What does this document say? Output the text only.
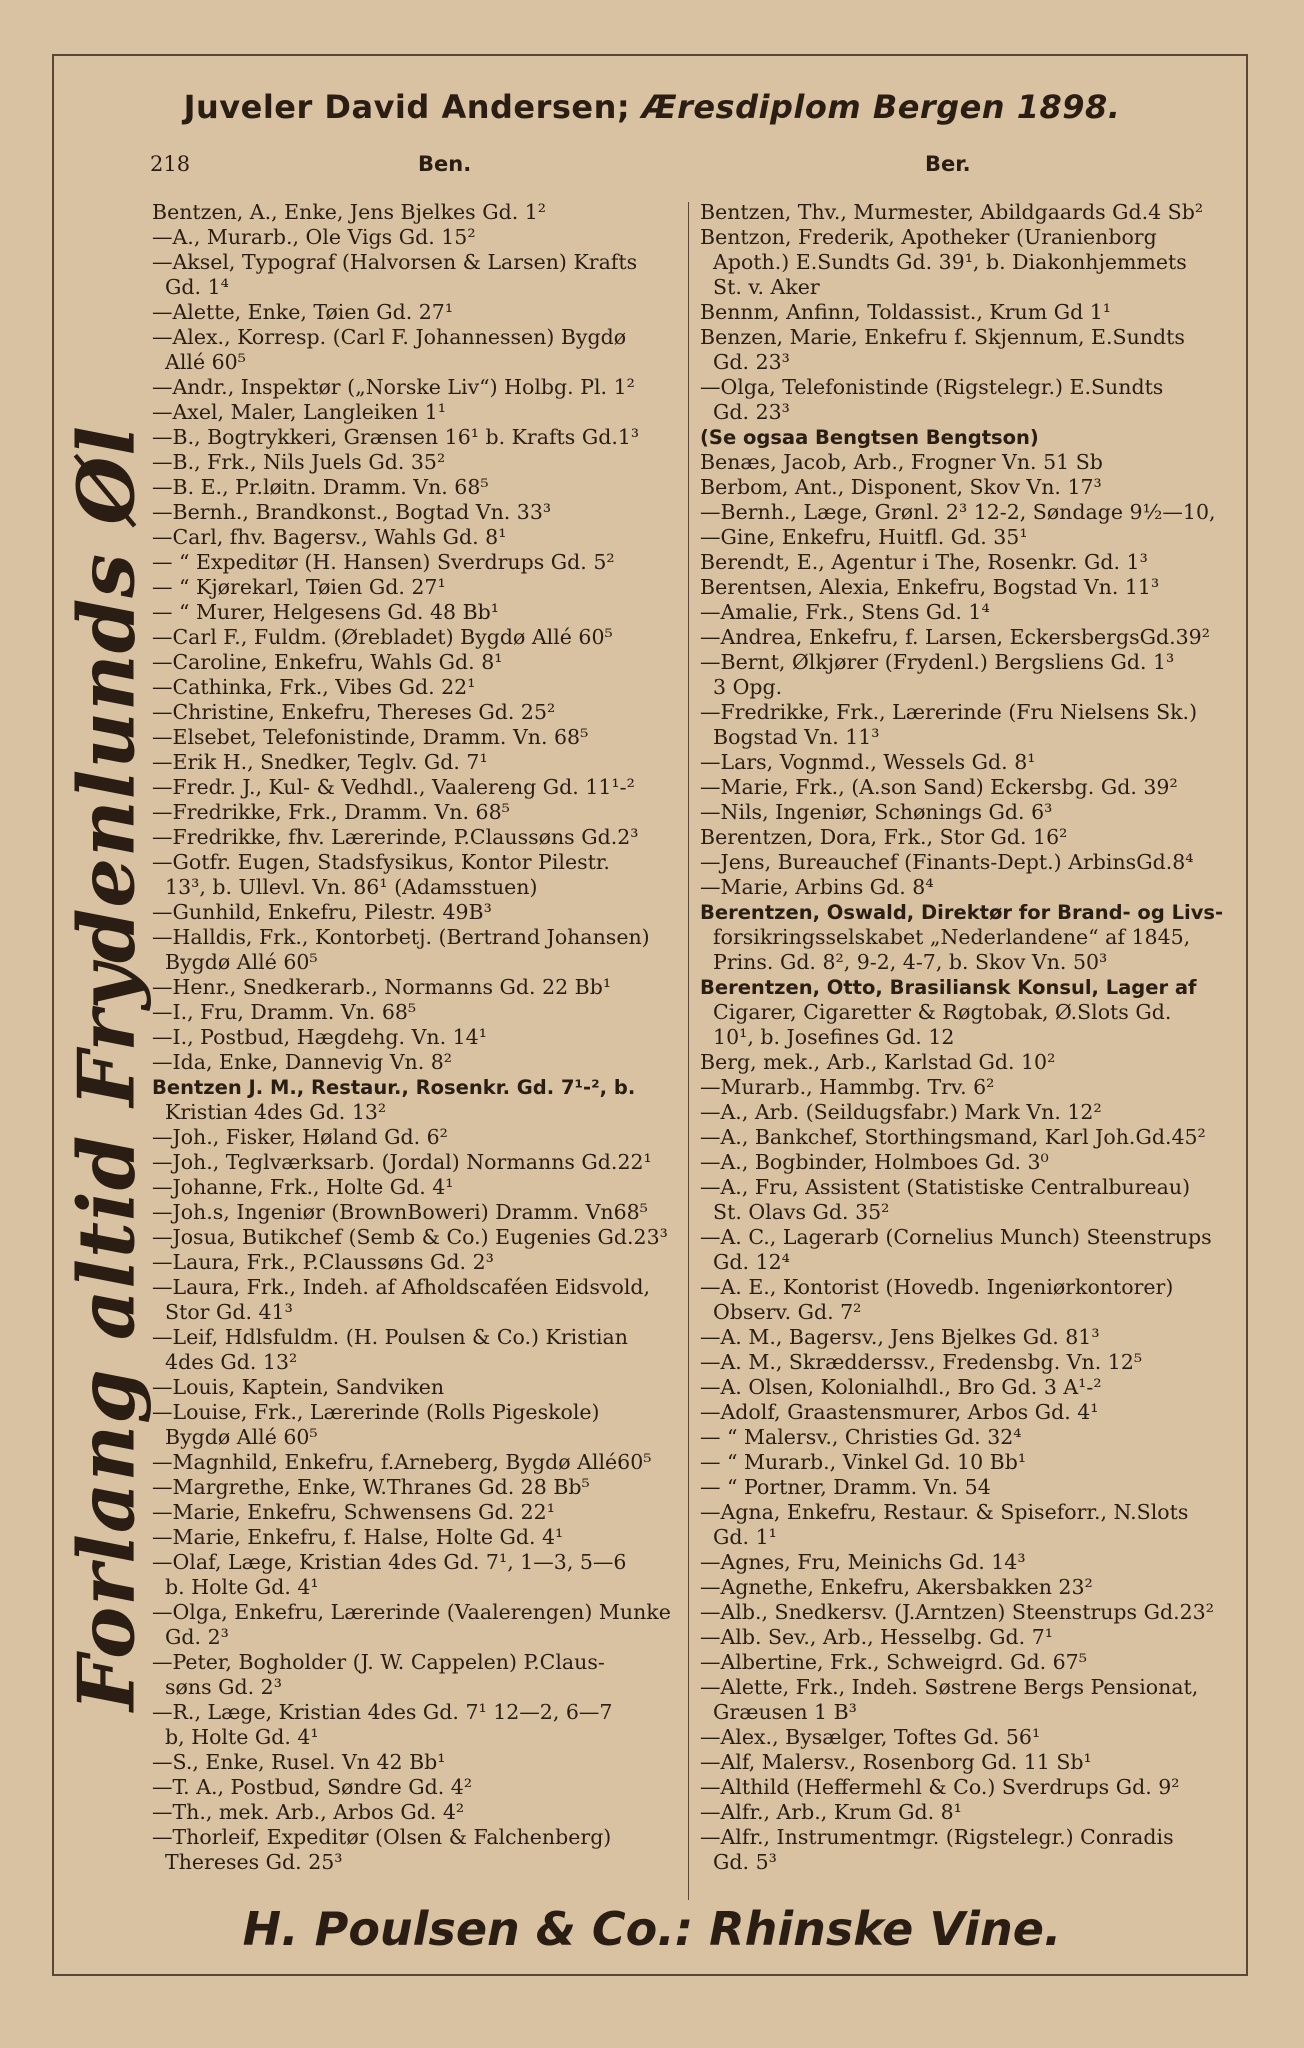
Juveler David Andersen; Æresdiplom Bergen 1898.
218	Ben.	Ber.
Forlang altid Frydenlunds Øl
Bentzen, A., Enke, Jens Bjelkes Gd. 1²
—A., Murarb., Ole Vigs Gd. 15²
—Aksel, Typograf (Halvorsen & Larsen) Krafts
Gd. 1⁴
—Alette, Enke, Tøien Gd. 27¹
—Alex., Korresp. (Carl F. Johannessen) Bygdø
Allé 60⁵
—Andr., Inspektør („Norske Liv“) Holbg. Pl. 1²
—Axel, Maler, Langleiken 1¹
—B., Bogtrykkeri, Grænsen 16¹ b. Krafts Gd.1³
—B., Frk., Nils Juels Gd. 35²
—B. E., Pr.løitn. Dramm. Vn. 68⁵
—Bernh., Brandkonst., Bogtad Vn. 33³
—Carl, fhv. Bagersv., Wahls Gd. 8¹
— “ Expeditør (H. Hansen) Sverdrups Gd. 5²
— “ Kjørekarl, Tøien Gd. 27¹
— “ Murer, Helgesens Gd. 48 Bb¹
—Carl F., Fuldm. (Ørebladet) Bygdø Allé 60⁵
—Caroline, Enkefru, Wahls Gd. 8¹
—Cathinka, Frk., Vibes Gd. 22¹
—Christine, Enkefru, Thereses Gd. 25²
—Elsebet, Telefonistinde, Dramm. Vn. 68⁵
—Erik H., Snedker, Teglv. Gd. 7¹
—Fredr. J., Kul- & Vedhdl., Vaalereng Gd. 11¹-²
—Fredrikke, Frk., Dramm. Vn. 68⁵
—Fredrikke, fhv. Lærerinde, P.Claussøns Gd.2³
—Gotfr. Eugen, Stadsfysikus, Kontor Pilestr.
13³, b. Ullevl. Vn. 86¹ (Adamsstuen)
—Gunhild, Enkefru, Pilestr. 49B³
—Halldis, Frk., Kontorbetj. (Bertrand Johansen)
Bygdø Allé 60⁵
—Henr., Snedkerarb., Normanns Gd. 22 Bb¹
—I., Fru, Dramm. Vn. 68⁵
—I., Postbud, Hægdehg. Vn. 14¹
—Ida, Enke, Dannevig Vn. 8²
Bentzen J. M., Restaur., Rosenkr. Gd. 7¹-², b.
Kristian 4des Gd. 13²
—Joh., Fisker, Høland Gd. 6²
—Joh., Teglværksarb. (Jordal) Normanns Gd.22¹
—Johanne, Frk., Holte Gd. 4¹
—Joh.s, Ingeniør (BrownBoweri) Dramm. Vn68⁵
—Josua, Butikchef (Semb & Co.) Eugenies Gd.23³
—Laura, Frk., P.Claussøns Gd. 2³
—Laura, Frk., Indeh. af Afholdscaféen Eidsvold,
Stor Gd. 41³
—Leif, Hdlsfuldm. (H. Poulsen & Co.) Kristian
4des Gd. 13²
—Louis, Kaptein, Sandviken
—Louise, Frk., Lærerinde (Rolls Pigeskole)
Bygdø Allé 60⁵
—Magnhild, Enkefru, f.Arneberg, Bygdø Allé60⁵
—Margrethe, Enke, W.Thranes Gd. 28 Bb⁵
—Marie, Enkefru, Schwensens Gd. 22¹
—Marie, Enkefru, f. Halse, Holte Gd. 4¹
—Olaf, Læge, Kristian 4des Gd. 7¹, 1—3, 5—6
b. Holte Gd. 4¹
—Olga, Enkefru, Lærerinde (Vaalerengen) Munke
Gd. 2³
—Peter, Bogholder (J. W. Cappelen) P.Claus-
søns Gd. 2³
—R., Læge, Kristian 4des Gd. 7¹ 12—2, 6—7
b, Holte Gd. 4¹
—S., Enke, Rusel. Vn 42 Bb¹
—T. A., Postbud, Søndre Gd. 4²
—Th., mek. Arb., Arbos Gd. 4²
—Thorleif, Expeditør (Olsen & Falchenberg)
Thereses Gd. 25³
Bentzen, Thv., Murmester, Abildgaards Gd.4 Sb²
Bentzon, Frederik, Apotheker (Uranienborg
Apoth.) E.Sundts Gd. 39¹, b. Diakonhjemmets
St. v. Aker
Bennm, Anfinn, Toldassist., Krum Gd 1¹
Benzen, Marie, Enkefru f. Skjennum, E.Sundts
Gd. 23³
—Olga, Telefonistinde (Rigstelegr.) E.Sundts
Gd. 23³
(Se ogsaa Bengtsen Bengtson)
Benæs, Jacob, Arb., Frogner Vn. 51 Sb
Berbom, Ant., Disponent, Skov Vn. 17³
—Bernh., Læge, Grønl. 2³ 12-2, Søndage 9½—10,
—Gine, Enkefru, Huitfl. Gd. 35¹
Berendt, E., Agentur i The, Rosenkr. Gd. 1³
Berentsen, Alexia, Enkefru, Bogstad Vn. 11³
—Amalie, Frk., Stens Gd. 1⁴
—Andrea, Enkefru, f. Larsen, EckersbergsGd.39²
—Bernt, Ølkjører (Frydenl.) Bergsliens Gd. 1³
3 Opg.
—Fredrikke, Frk., Lærerinde (Fru Nielsens Sk.)
Bogstad Vn. 11³
—Lars, Vognmd., Wessels Gd. 8¹
—Marie, Frk., (A.son Sand) Eckersbg. Gd. 39²
—Nils, Ingeniør, Schønings Gd. 6³
Berentzen, Dora, Frk., Stor Gd. 16²
—Jens, Bureauchef (Finants-Dept.) ArbinsGd.8⁴
—Marie, Arbins Gd. 8⁴
Berentzen, Oswald, Direktør for Brand- og Livs-
forsikringsselskabet „Nederlandene“ af 1845,
Prins. Gd. 8², 9-2, 4-7, b. Skov Vn. 50³
Berentzen, Otto, Brasiliansk Konsul, Lager af
Cigarer, Cigaretter & Røgtobak, Ø.Slots Gd.
10¹, b. Josefines Gd. 12
Berg, mek., Arb., Karlstad Gd. 10²
—Murarb., Hammbg. Trv. 6²
—A., Arb. (Seildugsfabr.) Mark Vn. 12²
—A., Bankchef, Storthingsmand, Karl Joh.Gd.45²
—A., Bogbinder, Holmboes Gd. 3⁰
—A., Fru, Assistent (Statistiske Centralbureau)
St. Olavs Gd. 35²
—A. C., Lagerarb (Cornelius Munch) Steenstrups
Gd. 12⁴
—A. E., Kontorist (Hovedb. Ingeniørkontorer)
Observ. Gd. 7²
—A. M., Bagersv., Jens Bjelkes Gd. 81³
—A. M., Skrædderssv., Fredensbg. Vn. 12⁵
—A. Olsen, Kolonialhdl., Bro Gd. 3 A¹-²
—Adolf, Graastensmurer, Arbos Gd. 4¹
— “ Malersv., Christies Gd. 32⁴
— “ Murarb., Vinkel Gd. 10 Bb¹
— “ Portner, Dramm. Vn. 54
—Agna, Enkefru, Restaur. & Spiseforr., N.Slots
Gd. 1¹
—Agnes, Fru, Meinichs Gd. 14³
—Agnethe, Enkefru, Akersbakken 23²
—Alb., Snedkersv. (J.Arntzen) Steenstrups Gd.23²
—Alb. Sev., Arb., Hesselbg. Gd. 7¹
—Albertine, Frk., Schweigrd. Gd. 67⁵
—Alette, Frk., Indeh. Søstrene Bergs Pensionat,
Græusen 1 B³
—Alex., Bysælger, Toftes Gd. 56¹
—Alf, Malersv., Rosenborg Gd. 11 Sb¹
—Althild (Heffermehl & Co.) Sverdrups Gd. 9²
—Alfr., Arb., Krum Gd. 8¹
—Alfr., Instrumentmgr. (Rigstelegr.) Conradis
Gd. 5³
H. Poulsen & Co.: Rhinske Vine.
